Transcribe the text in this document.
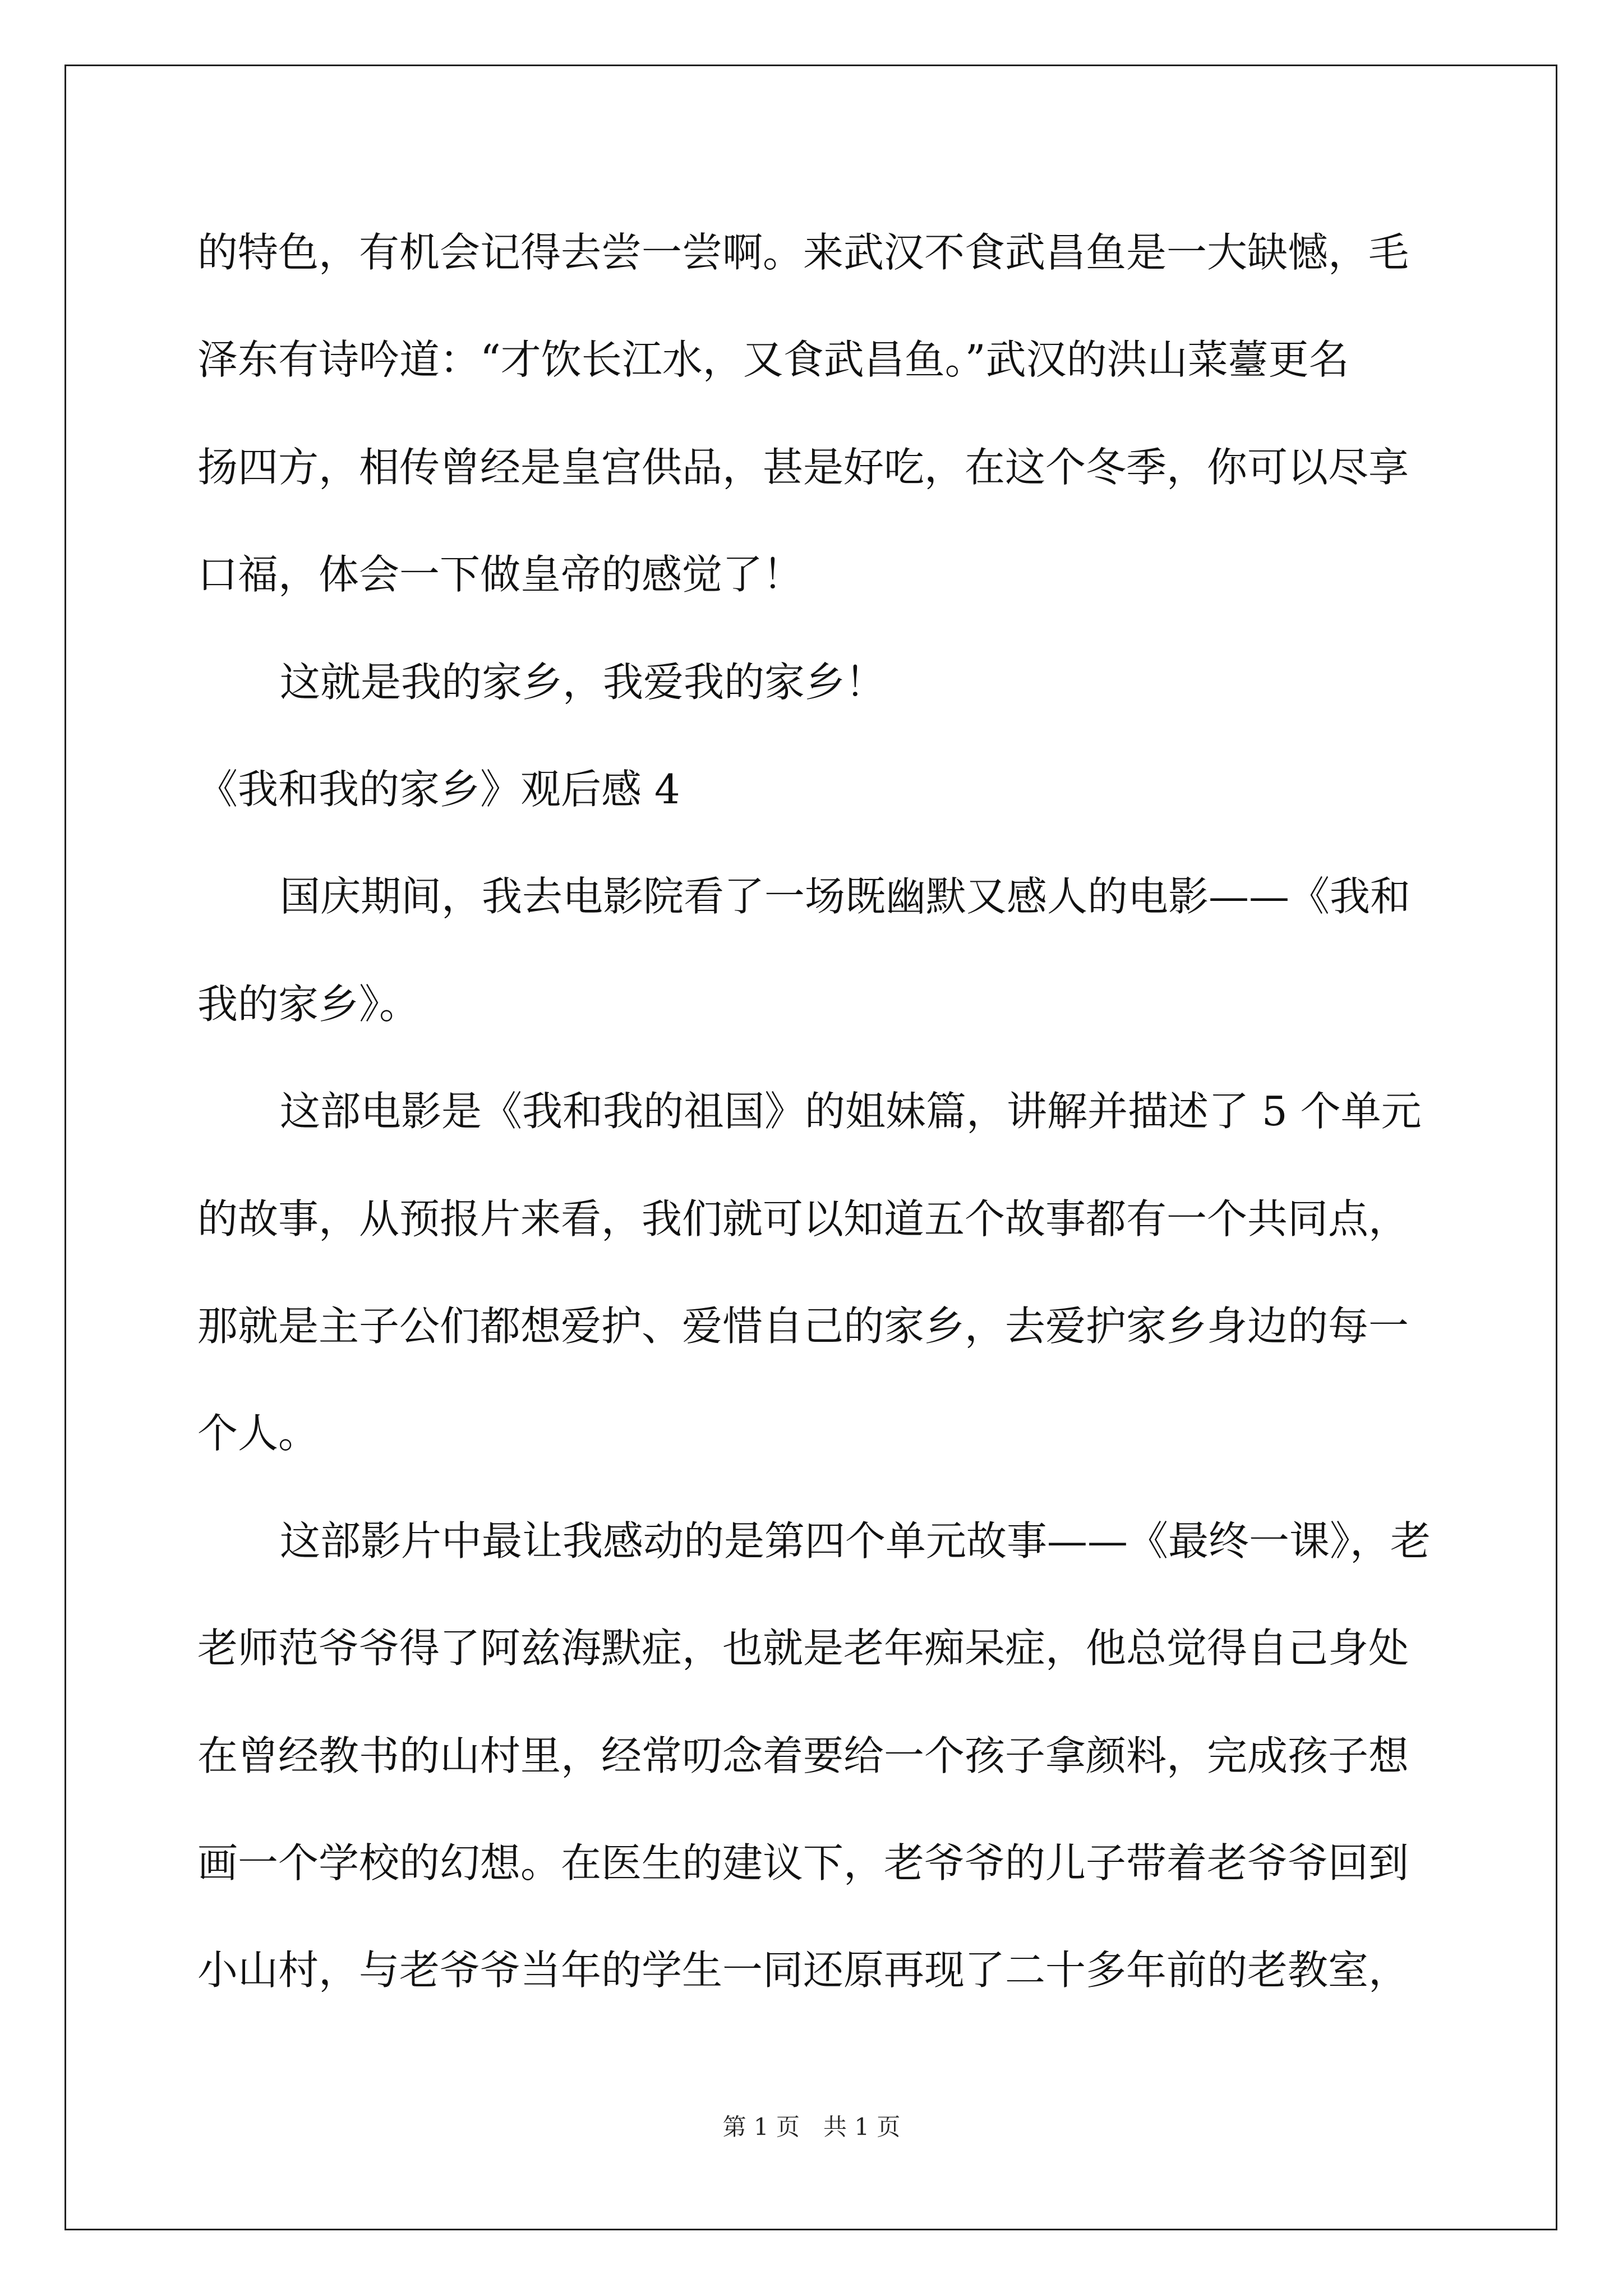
的特色，有机会记得去尝一尝啊。来武汉不食武昌鱼是一大缺憾，毛
泽东有诗吟道：“才饮长江水，又食武昌鱼。”武汉的洪山菜薹更名
扬四方，相传曾经是皇宫供品，甚是好吃，在这个冬季，你可以尽享
口福，体会一下做皇帝的感觉了！
这就是我的家乡，我爱我的家乡！
《我和我的家乡》观后感 4
国庆期间，我去电影院看了一场既幽默又感人的电影——《我和
我的家乡》。
这部电影是《我和我的祖国》的姐妹篇，讲解并描述了 5 个单元
的故事，从预报片来看，我们就可以知道五个故事都有一个共同点，
那就是主子公们都想爱护、爱惜自己的家乡，去爱护家乡身边的每一
个人。
这部影片中最让我感动的是第四个单元故事——《最终一课》，老
老师范爷爷得了阿兹海默症，也就是老年痴呆症，他总觉得自己身处
在曾经教书的山村里，经常叨念着要给一个孩子拿颜料，完成孩子想
画一个学校的幻想。在医生的建议下，老爷爷的儿子带着老爷爷回到
小山村，与老爷爷当年的学生一同还原再现了二十多年前的老教室，
第 1 页　共 1 页
